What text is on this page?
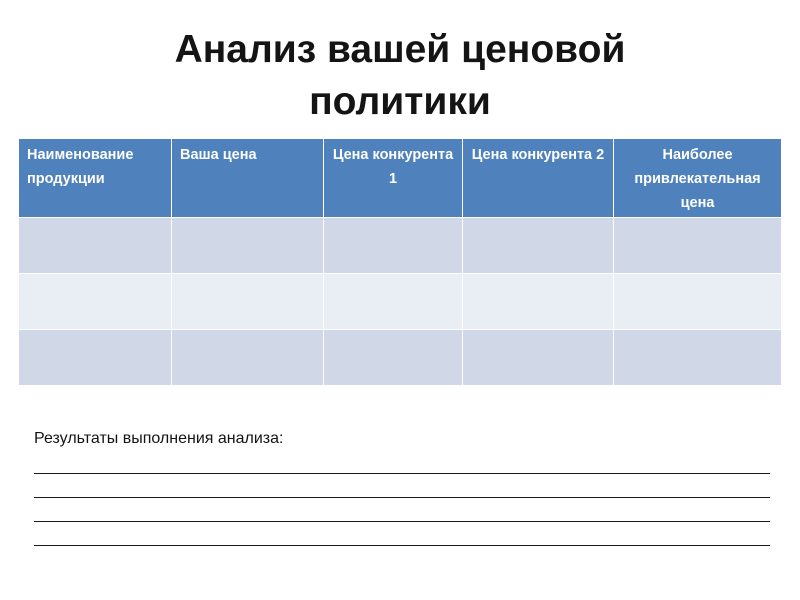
Анализ вашей ценовой
политики
Наименование продукции	Ваша цена	Цена конкурента 1	Цена конкурента 2	Наиболее привлекательная цена

Результаты выполнения анализа:
